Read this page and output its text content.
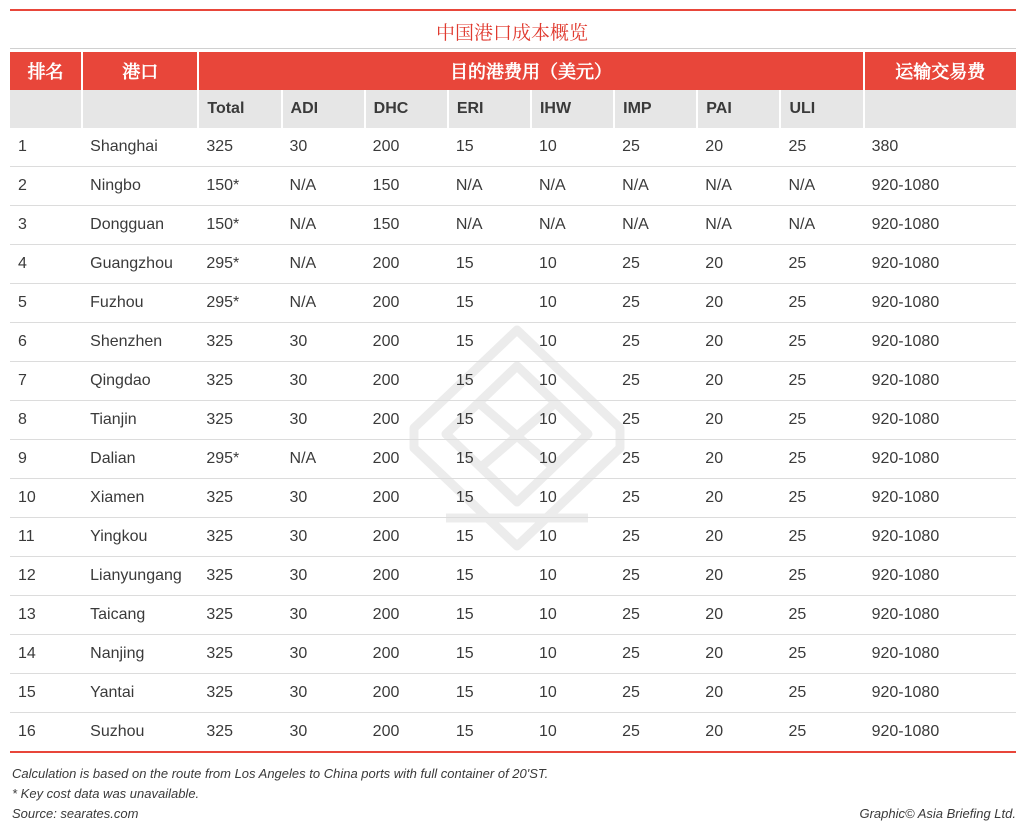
中国港口成本概览
排名	港口	目的港费用（美元）								运输交易费
		Total	ADI	DHC	ERI	IHW	IMP	PAI	ULI	
1	Shanghai	325	30	200	15	10	25	20	25	380
2	Ningbo	150*	N/A	150	N/A	N/A	N/A	N/A	N/A	920-1080
3	Dongguan	150*	N/A	150	N/A	N/A	N/A	N/A	N/A	920-1080
4	Guangzhou	295*	N/A	200	15	10	25	20	25	920-1080
5	Fuzhou	295*	N/A	200	15	10	25	20	25	920-1080
6	Shenzhen	325	30	200	15	10	25	20	25	920-1080
7	Qingdao	325	30	200	15	10	25	20	25	920-1080
8	Tianjin	325	30	200	15	10	25	20	25	920-1080
9	Dalian	295*	N/A	200	15	10	25	20	25	920-1080
10	Xiamen	325	30	200	15	10	25	20	25	920-1080
11	Yingkou	325	30	200	15	10	25	20	25	920-1080
12	Lianyungang	325	30	200	15	10	25	20	25	920-1080
13	Taicang	325	30	200	15	10	25	20	25	920-1080
14	Nanjing	325	30	200	15	10	25	20	25	920-1080
15	Yantai	325	30	200	15	10	25	20	25	920-1080
16	Suzhou	325	30	200	15	10	25	20	25	920-1080
Calculation is based on the route from Los Angeles to China ports with full container of 20'ST.
* Key cost data was unavailable.
Source: searates.com	Graphic© Asia Briefing Ltd.
